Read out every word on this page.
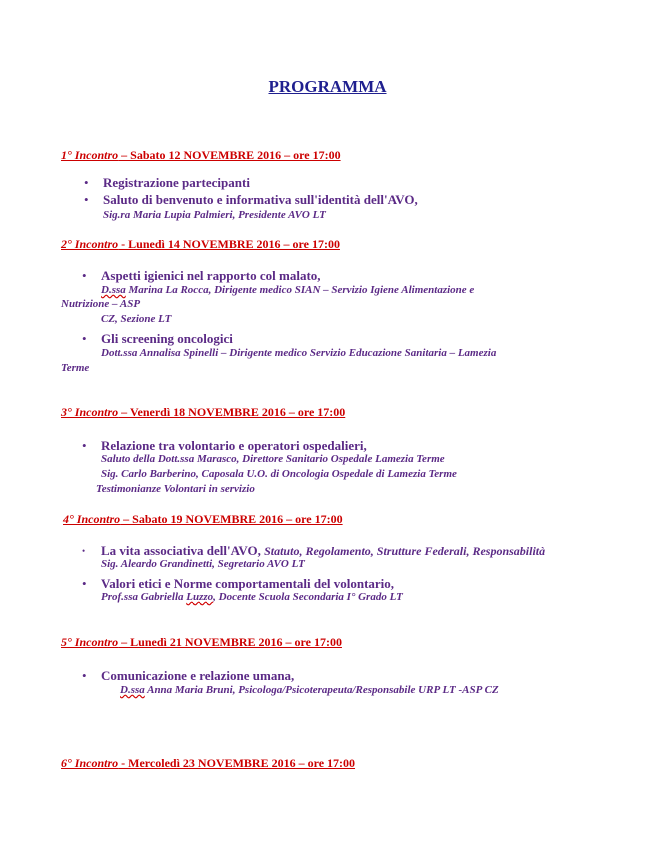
PROGRAMMA
1° Incontro – Sabato 12 NOVEMBRE 2016 – ore 17:00
• Registrazione partecipanti
• Saluto di benvenuto e informativa sull'identità dell'AVO,
Sig.ra Maria Lupia Palmieri, Presidente AVO LT
2° Incontro - Lunedì 14 NOVEMBRE 2016 – ore 17:00
• Aspetti igienici nel rapporto col malato,
D.ssa Marina La Rocca, Dirigente medico SIAN – Servizio Igiene Alimentazione e
Nutrizione – ASP
CZ, Sezione LT
• Gli screening oncologici
Dott.ssa Annalisa Spinelli – Dirigente medico Servizio Educazione Sanitaria – Lamezia
Terme
3° Incontro – Venerdì 18 NOVEMBRE 2016 – ore 17:00
• Relazione tra volontario e operatori ospedalieri,
Saluto della Dott.ssa Marasco, Direttore Sanitario Ospedale Lamezia Terme
Sig. Carlo Barberino, Caposala U.O. di Oncologia Ospedale di Lamezia Terme
Testimonianze Volontari in servizio
4° Incontro – Sabato 19 NOVEMBRE 2016 – ore 17:00
• La vita associativa dell'AVO, Statuto, Regolamento, Strutture Federali, Responsabilità
Sig. Aleardo Grandinetti, Segretario AVO LT
• Valori etici e Norme comportamentali del volontario,
Prof.ssa Gabriella Luzzo, Docente Scuola Secondaria I° Grado LT
5° Incontro – Lunedì 21 NOVEMBRE 2016 – ore 17:00
• Comunicazione e relazione umana,
D.ssa Anna Maria Bruni, Psicologa/Psicoterapeuta/Responsabile URP LT -ASP CZ
6° Incontro - Mercoledì 23 NOVEMBRE 2016 – ore 17:00
